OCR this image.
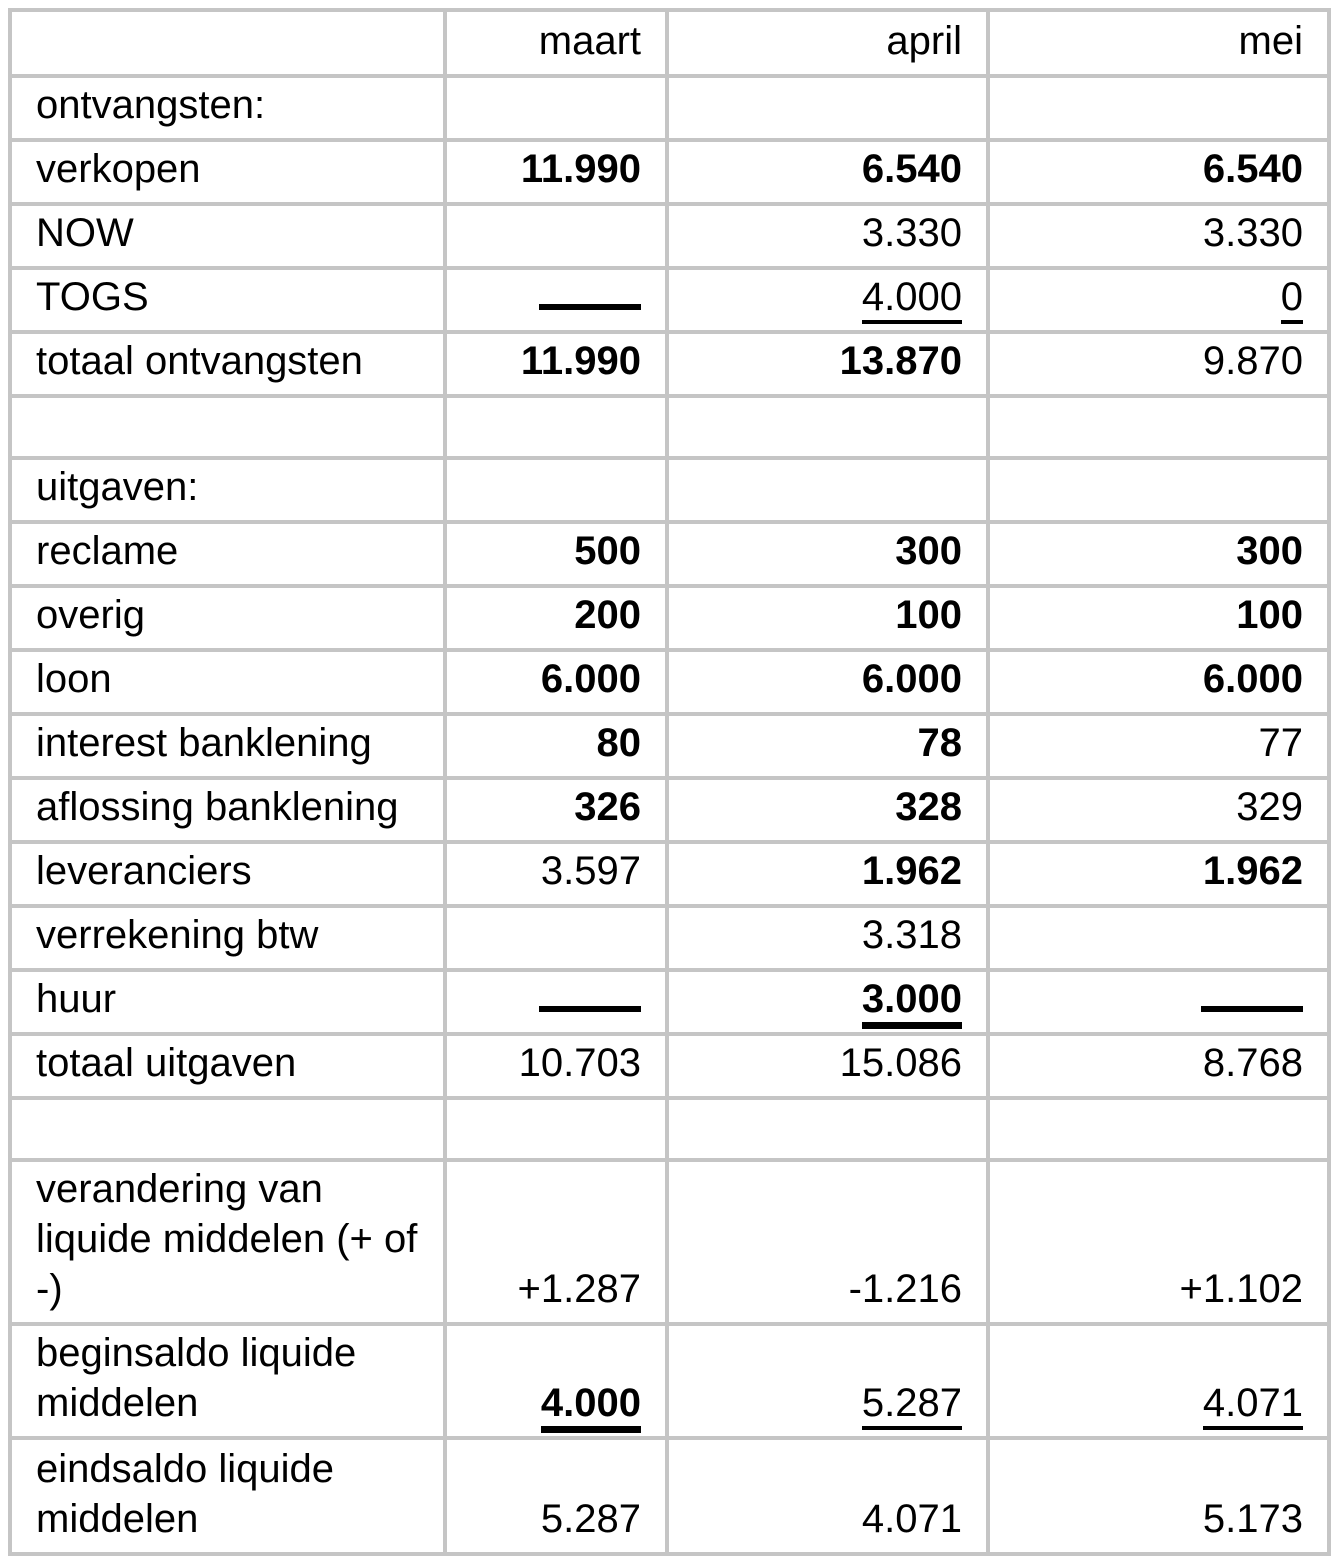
	maart	april	mei
ontvangsten:			
verkopen	11.990	6.540	6.540
NOW		3.330	3.330
TOGS		4.000	0
totaal ontvangsten	11.990	13.870	9.870

uitgaven:			
reclame	500	300	300
overig	200	100	100
loon	6.000	6.000	6.000
interest banklening	80	78	77
aflossing banklening	326	328	329
leveranciers	3.597	1.962	1.962
verrekening btw		3.318	
huur		3.000	
totaal uitgaven	10.703	15.086	8.768

verandering van liquide middelen (+ of -)	+1.287	-1.216	+1.102
beginsaldo liquide middelen	4.000	5.287	4.071
eindsaldo liquide middelen	5.287	4.071	5.173
